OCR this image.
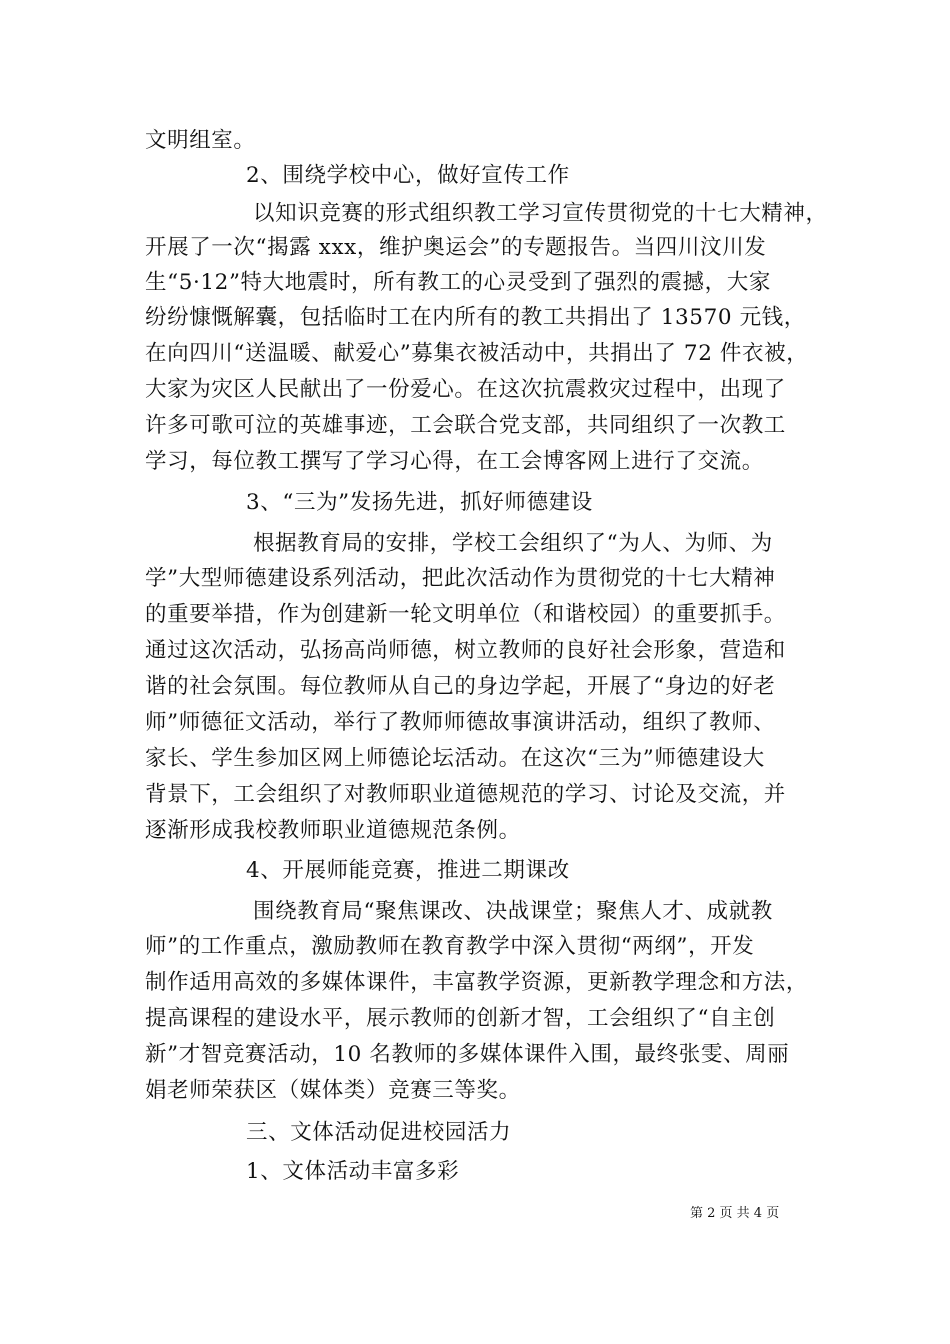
文明组室。
2、围绕学校中心，做好宣传工作
以知识竞赛的形式组织教工学习宣传贯彻党的十七大精神，
开展了一次“揭露 xxx，维护奥运会”的专题报告。当四川汶川发
生“5·12”特大地震时，所有教工的心灵受到了强烈的震撼，大家
纷纷慷慨解囊，包括临时工在内所有的教工共捐出了 13570 元钱，
在向四川“送温暖、献爱心”募集衣被活动中，共捐出了 72 件衣被，
大家为灾区人民献出了一份爱心。在这次抗震救灾过程中，出现了
许多可歌可泣的英雄事迹，工会联合党支部，共同组织了一次教工
学习，每位教工撰写了学习心得，在工会博客网上进行了交流。
3、“三为”发扬先进，抓好师德建设
根据教育局的安排，学校工会组织了“为人、为师、为
学”大型师德建设系列活动，把此次活动作为贯彻党的十七大精神
的重要举措，作为创建新一轮文明单位（和谐校园）的重要抓手。
通过这次活动，弘扬高尚师德，树立教师的良好社会形象，营造和
谐的社会氛围。每位教师从自己的身边学起，开展了“身边的好老
师”师德征文活动，举行了教师师德故事演讲活动，组织了教师、
家长、学生参加区网上师德论坛活动。在这次“三为”师德建设大
背景下，工会组织了对教师职业道德规范的学习、讨论及交流，并
逐渐形成我校教师职业道德规范条例。
4、开展师能竞赛，推进二期课改
围绕教育局“聚焦课改、决战课堂；聚焦人才、成就教
师”的工作重点，激励教师在教育教学中深入贯彻“两纲”，开发
制作适用高效的多媒体课件，丰富教学资源，更新教学理念和方法，
提高课程的建设水平，展示教师的创新才智，工会组织了“自主创
新”才智竞赛活动，10 名教师的多媒体课件入围，最终张雯、周丽
娟老师荣获区（媒体类）竞赛三等奖。
三、文体活动促进校园活力
1、文体活动丰富多彩
第 2 页 共 4 页
